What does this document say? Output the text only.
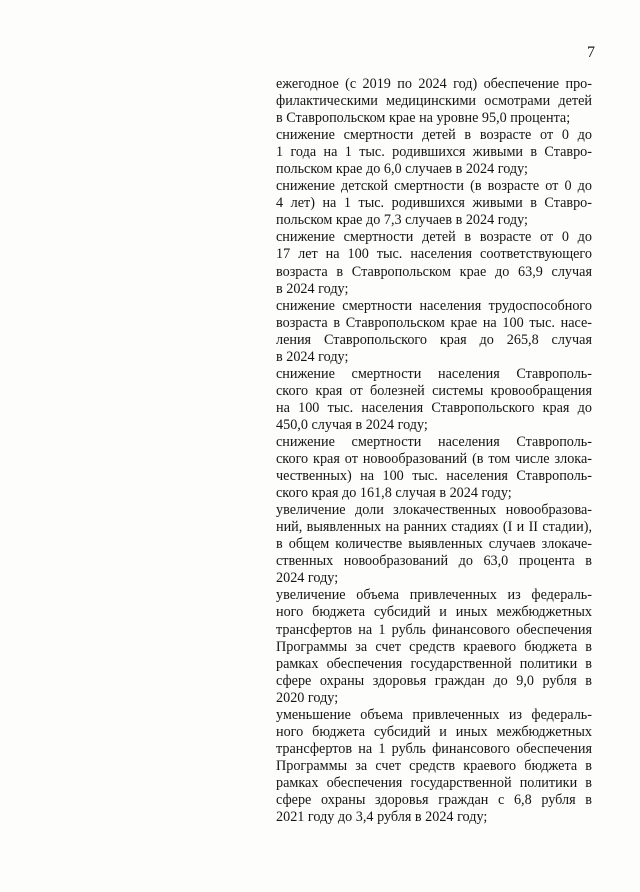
7
ежегодное (с 2019 по 2024 год) обеспечение про-
филактическими медицинскими осмотрами детей
в Ставропольском крае на уровне 95,0 процента;
снижение смертности детей в возрасте от 0 до
1 года на 1 тыс. родившихся живыми в Ставро-
польском крае до 6,0 случаев в 2024 году;
снижение детской смертности (в возрасте от 0 до
4 лет) на 1 тыс. родившихся живыми в Ставро-
польском крае до 7,3 случаев в 2024 году;
снижение смертности детей в возрасте от 0 до
17 лет на 100 тыс. населения соответствующего
возраста в Ставропольском крае до 63,9 случая
в 2024 году;
снижение смертности населения трудоспособного
возраста в Ставропольском крае на 100 тыс. насе-
ления Ставропольского края до 265,8 случая
в 2024 году;
снижение смертности населения Ставрополь-
ского края от болезней системы кровообращения
на 100 тыс. населения Ставропольского края до
450,0 случая в 2024 году;
снижение смертности населения Ставрополь-
ского края от новообразований (в том числе злока-
чественных) на 100 тыс. населения Ставрополь-
ского края до 161,8 случая в 2024 году;
увеличение доли злокачественных новообразова-
ний, выявленных на ранних стадиях (I и II стадии),
в общем количестве выявленных случаев злокаче-
ственных новообразований до 63,0 процента в
2024 году;
увеличение объема привлеченных из федераль-
ного бюджета субсидий и иных межбюджетных
трансфертов на 1 рубль финансового обеспечения
Программы за счет средств краевого бюджета в
рамках обеспечения государственной политики в
сфере охраны здоровья граждан до 9,0 рубля в
2020 году;
уменьшение объема привлеченных из федераль-
ного бюджета субсидий и иных межбюджетных
трансфертов на 1 рубль финансового обеспечения
Программы за счет средств краевого бюджета в
рамках обеспечения государственной политики в
сфере охраны здоровья граждан с 6,8 рубля в
2021 году до 3,4 рубля в 2024 году;
